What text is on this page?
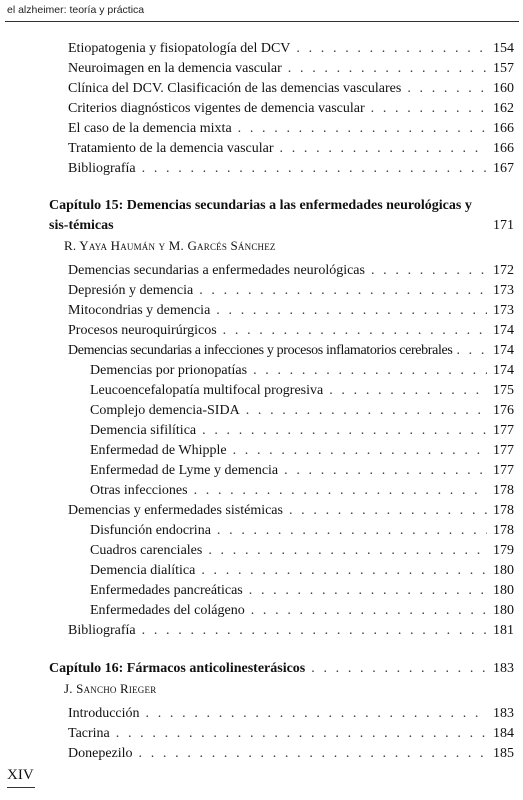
el alzheimer: teoría y práctica
Etiopatogenia y fisiopatología del DCV . . .	154
Neuroimagen en la demencia vascular . . .	157
Clínica del DCV. Clasificación de las demencias vasculares . . .	160
Criterios diagnósticos vigentes de demencia vascular . . .	162
El caso de la demencia mixta . . .	166
Tratamiento de la demencia vascular . . .	166
Bibliografía . . .	167
Capítulo 15: Demencias secundarias a las enfermedades neurológicas y sis-témicas	171
R. Yaya Haumán y M. Garcés Sánchez
Demencias secundarias a enfermedades neurológicas . . .	172
Depresión y demencia . . .	173
Mitocondrias y demencia . . .	173
Procesos neuroquirúrgicos . . .	174
Demencias secundarias a infecciones y procesos inflamatorios cerebrales . . .	174
Demencias por prionopatías . . .	174
Leucoencefalopatía multifocal progresiva . . .	175
Complejo demencia-SIDA . . .	176
Demencia sifilítica . . .	177
Enfermedad de Whipple . . .	177
Enfermedad de Lyme y demencia . . .	177
Otras infecciones . . .	178
Demencias y enfermedades sistémicas . . .	178
Disfunción endocrina . . .	178
Cuadros carenciales . . .	179
Demencia dialítica . . .	180
Enfermedades pancreáticas . . .	180
Enfermedades del colágeno . . .	180
Bibliografía . . .	181
Capítulo 16: Fármacos anticolinesterásicos . . .	183
J. Sancho Rieger
Introducción . . .	183
Tacrina . . .	184
Donepezilo . . .	185
XIV
